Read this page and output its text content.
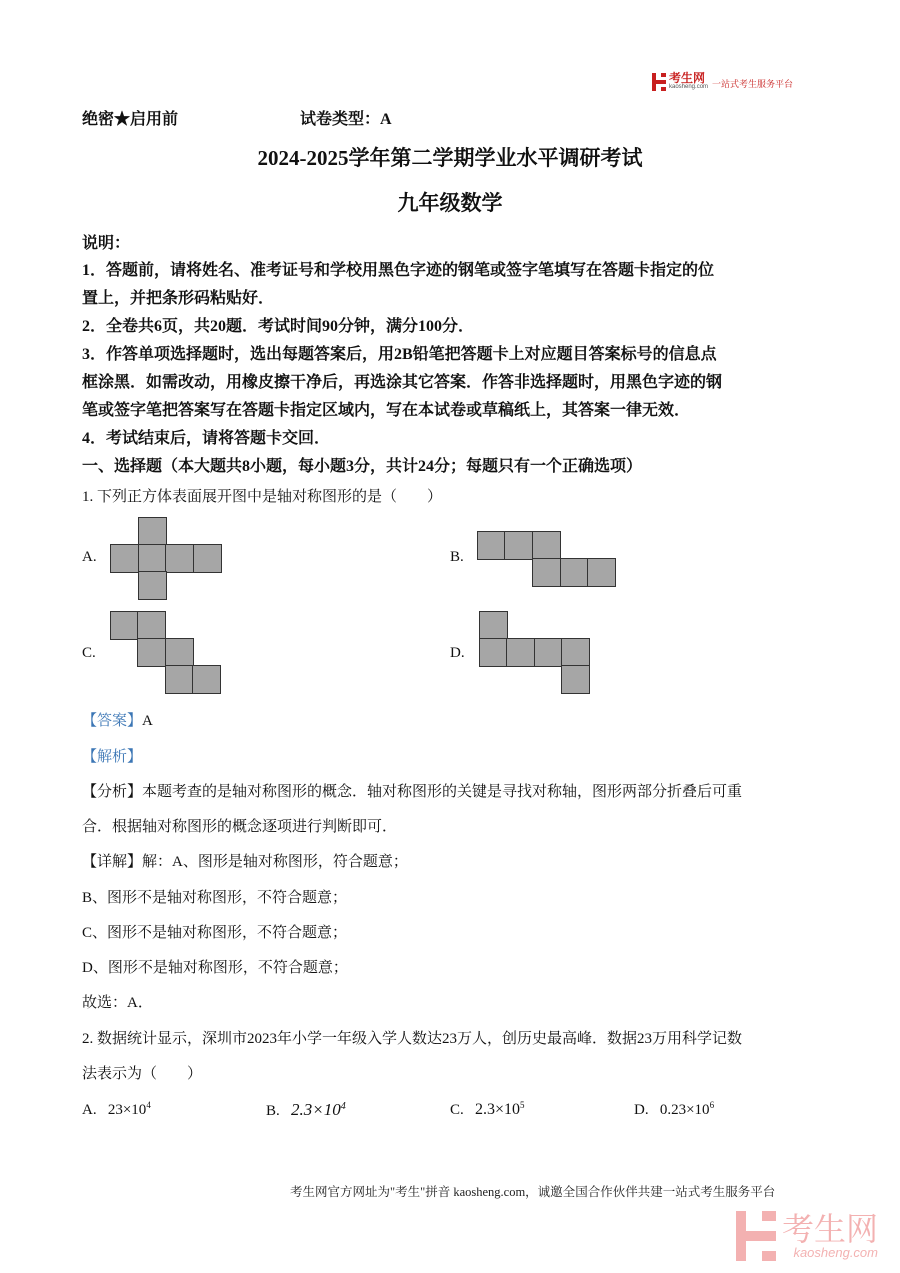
考生网
kaosheng.com 一站式考生服务平台
绝密★启用前	试卷类型：A
2024-2025学年第二学期学业水平调研考试
九年级数学
说明：
1．答题前，请将姓名、准考证号和学校用黑色字迹的钢笔或签字笔填写在答题卡指定的位
置上，并把条形码粘贴好．
2．全卷共6页，共20题．考试时间90分钟，满分100分．
3．作答单项选择题时，选出每题答案后，用2B铅笔把答题卡上对应题目答案标号的信息点
框涂黑．如需改动，用橡皮擦干净后，再选涂其它答案．作答非选择题时，用黑色字迹的钢
笔或签字笔把答案写在答题卡指定区域内，写在本试卷或草稿纸上，其答案一律无效．
4．考试结束后，请将答题卡交回．
一、选择题（本大题共8小题，每小题3分，共计24分；每题只有一个正确选项）
1. 下列正方体表面展开图中是轴对称图形的是（　　）
A.	B.
C.	D.
【答案】A
【解析】
【分析】本题考查的是轴对称图形的概念．轴对称图形的关键是寻找对称轴，图形两部分折叠后可重
合．根据轴对称图形的概念逐项进行判断即可．
【详解】解：A、图形是轴对称图形，符合题意；
B、图形不是轴对称图形，不符合题意；
C、图形不是轴对称图形，不符合题意；
D、图形不是轴对称图形，不符合题意；
故选：A．
2. 数据统计显示，深圳市2023年小学一年级入学人数达23万人，创历史最高峰．数据23万用科学记数
法表示为（　　）
A. $23\times 10^4$	B. $2.3\times 10^4$	C. $2.3\times 10^5$	D. $0.23\times 10^6$
考生网官方网址为"考生"拼音 kaosheng.com，诚邀全国合作伙伴共建一站式考生服务平台
考生网
kaosheng.com
